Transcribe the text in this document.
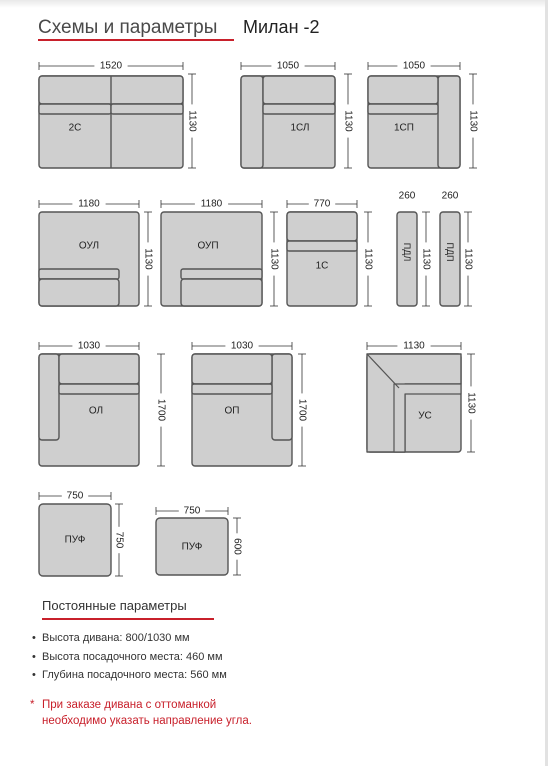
Схемы и параметры Милан -2
1520
1130
2С
1050
1130
1СЛ
1050
1130
1СП
1180
1130
ОУЛ
1180
1130
ОУП
770
1130
1С
260
1130
ПДЛ
260
1130
ПДП
1030
1700
ОЛ
1030
1700
ОП
1130
1130
УС
750
750
ПУФ
750
600
ПУФ
Постоянные параметры
• Высота дивана: 800/1030 мм
• Высота посадочного места: 460 мм
• Глубина посадочного места: 560 мм
* При заказе дивана с оттоманкой необходимо указать направление угла.
